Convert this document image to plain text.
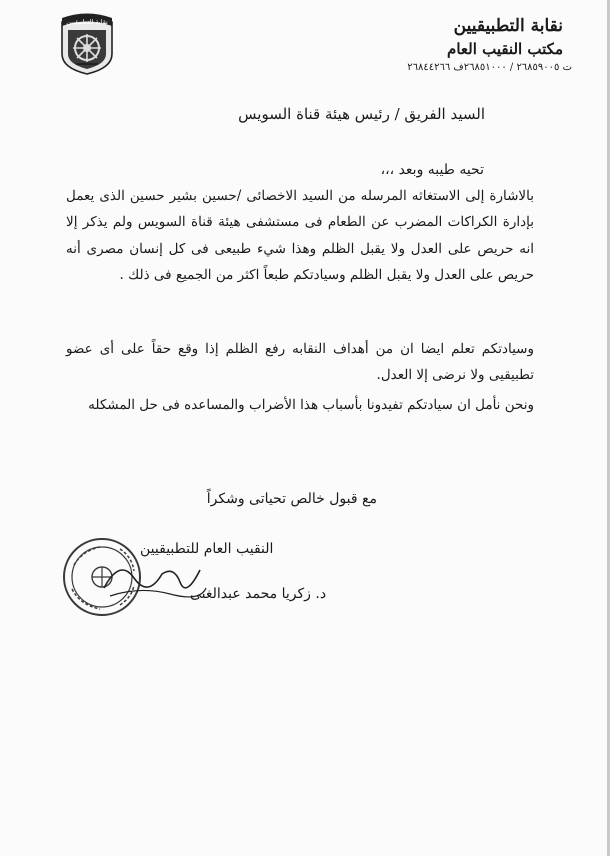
نقابة التطبيقيين	نقابة التطبيقيين
مكتب النقيب العام
ت ٢٦٨٥٩٠٠٥ / ٢٦٨٥١٠٠٠ف ٢٦٨٤٤٢٦٦
السيد الفريق / رئيس هيئة قناة السويس
تحيه طيبه وبعد ،،،
بالاشارة إلى الاستغاثه المرسله من السيد الاخصائى /حسين بشير حسين الذى يعمل بإدارة الكراكات المضرب عن الطعام فى مستشفى هيئة قناة السويس ولم يذكر إلا انه حريص على العدل ولا يقبل الظلم وهذا شيء طبيعى فى كل إنسان مصرى أنه حريص على العدل ولا يقبل الظلم وسيادتكم طبعاً اكثر من الجميع فى ذلك .
وسيادتكم تعلم ايضا ان من أهداف النقابه رفع الظلم إذا وقع حقاً على أى عضو تطبيقيى ولا نرضى إلا العدل.
ونحن نأمل ان سيادتكم تفيدونا بأسباب هذا الأضراب والمساعده فى حل المشكله
مع قبول خالص تحياتى وشكراً
النقيب العام للتطبيقيين
د. زكريا محمد عبدالغنى
